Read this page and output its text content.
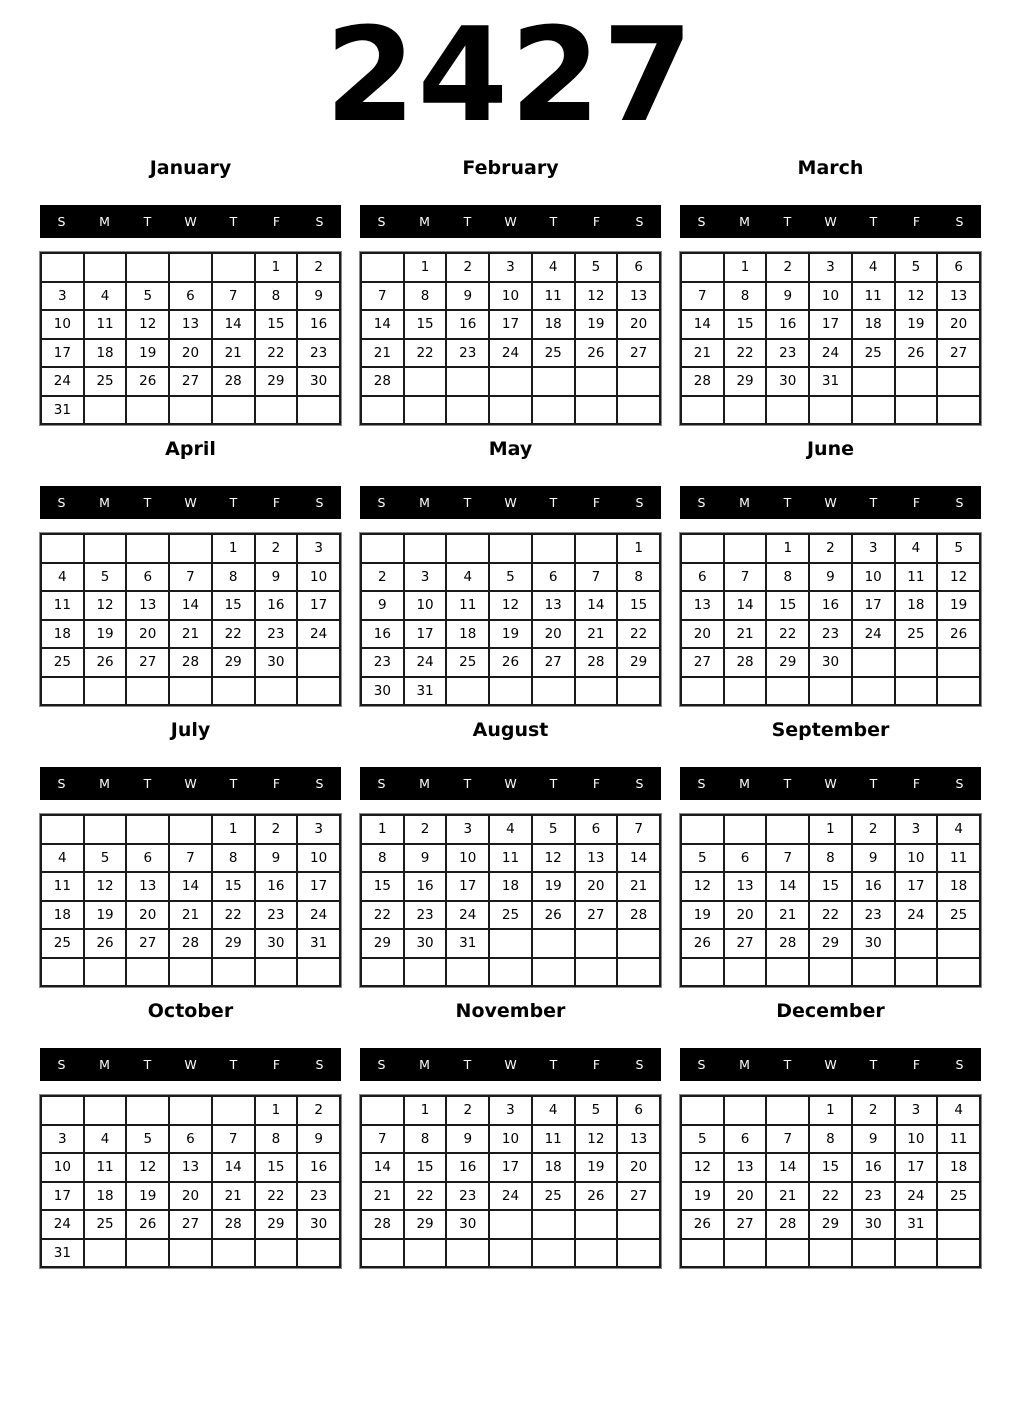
2427
January
S	M	T	W	T	F	S
					1	2
3	4	5	6	7	8	9
10	11	12	13	14	15	16
17	18	19	20	21	22	23
24	25	26	27	28	29	30
31						
February
S	M	T	W	T	F	S
	1	2	3	4	5	6
7	8	9	10	11	12	13
14	15	16	17	18	19	20
21	22	23	24	25	26	27
28						

March
S	M	T	W	T	F	S
	1	2	3	4	5	6
7	8	9	10	11	12	13
14	15	16	17	18	19	20
21	22	23	24	25	26	27
28	29	30	31			

April
S	M	T	W	T	F	S
				1	2	3
4	5	6	7	8	9	10
11	12	13	14	15	16	17
18	19	20	21	22	23	24
25	26	27	28	29	30	

May
S	M	T	W	T	F	S
						1
2	3	4	5	6	7	8
9	10	11	12	13	14	15
16	17	18	19	20	21	22
23	24	25	26	27	28	29
30	31					
June
S	M	T	W	T	F	S
		1	2	3	4	5
6	7	8	9	10	11	12
13	14	15	16	17	18	19
20	21	22	23	24	25	26
27	28	29	30			

July
S	M	T	W	T	F	S
				1	2	3
4	5	6	7	8	9	10
11	12	13	14	15	16	17
18	19	20	21	22	23	24
25	26	27	28	29	30	31

August
S	M	T	W	T	F	S
1	2	3	4	5	6	7
8	9	10	11	12	13	14
15	16	17	18	19	20	21
22	23	24	25	26	27	28
29	30	31				

September
S	M	T	W	T	F	S
			1	2	3	4
5	6	7	8	9	10	11
12	13	14	15	16	17	18
19	20	21	22	23	24	25
26	27	28	29	30		

October
S	M	T	W	T	F	S
					1	2
3	4	5	6	7	8	9
10	11	12	13	14	15	16
17	18	19	20	21	22	23
24	25	26	27	28	29	30
31						
November
S	M	T	W	T	F	S
	1	2	3	4	5	6
7	8	9	10	11	12	13
14	15	16	17	18	19	20
21	22	23	24	25	26	27
28	29	30				

December
S	M	T	W	T	F	S
			1	2	3	4
5	6	7	8	9	10	11
12	13	14	15	16	17	18
19	20	21	22	23	24	25
26	27	28	29	30	31	
